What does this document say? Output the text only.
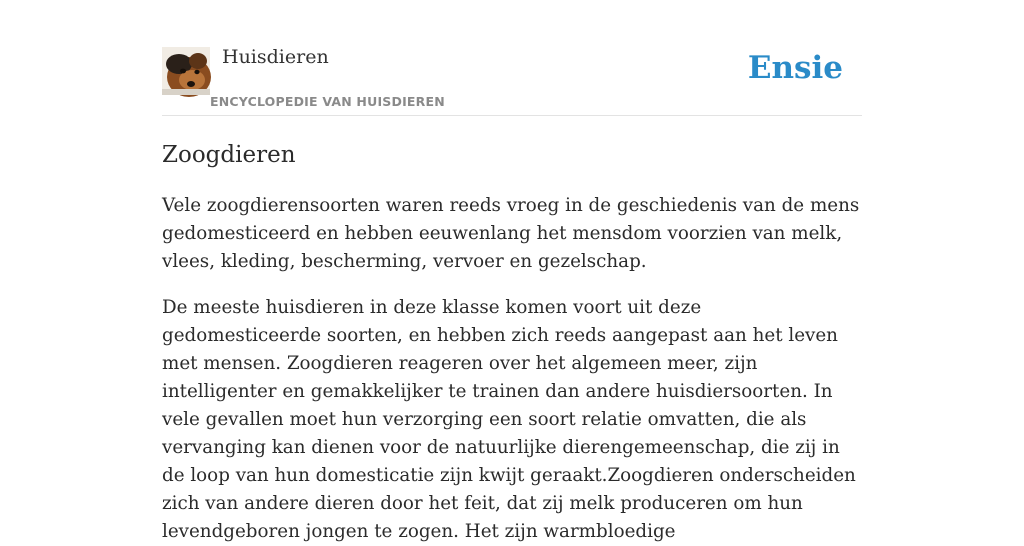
Huisdieren
ENCYCLOPEDIE VAN HUISDIEREN
Ensie
Zoogdieren

Vele zoogdierensoorten waren reeds vroeg in de geschiedenis van de mens gedomesticeerd en hebben eeuwenlang het mensdom voorzien van melk, vlees, kleding, bescherming, vervoer en gezelschap.

De meeste huisdieren in deze klasse komen voort uit deze gedomesticeerde soorten, en hebben zich reeds aangepast aan het leven met mensen. Zoogdieren reageren over het algemeen meer, zijn intelligenter en gemakkelijker te trainen dan andere huisdiersoorten. In vele gevallen moet hun verzorging een soort relatie omvatten, die als vervanging kan dienen voor de natuurlijke dierengemeenschap, die zij in de loop van hun domesticatie zijn kwijt geraakt.Zoogdieren onderscheiden zich van andere dieren door het feit, dat zij melk produceren om hun levendgeboren jongen te zogen. Het zijn warmbloedige
